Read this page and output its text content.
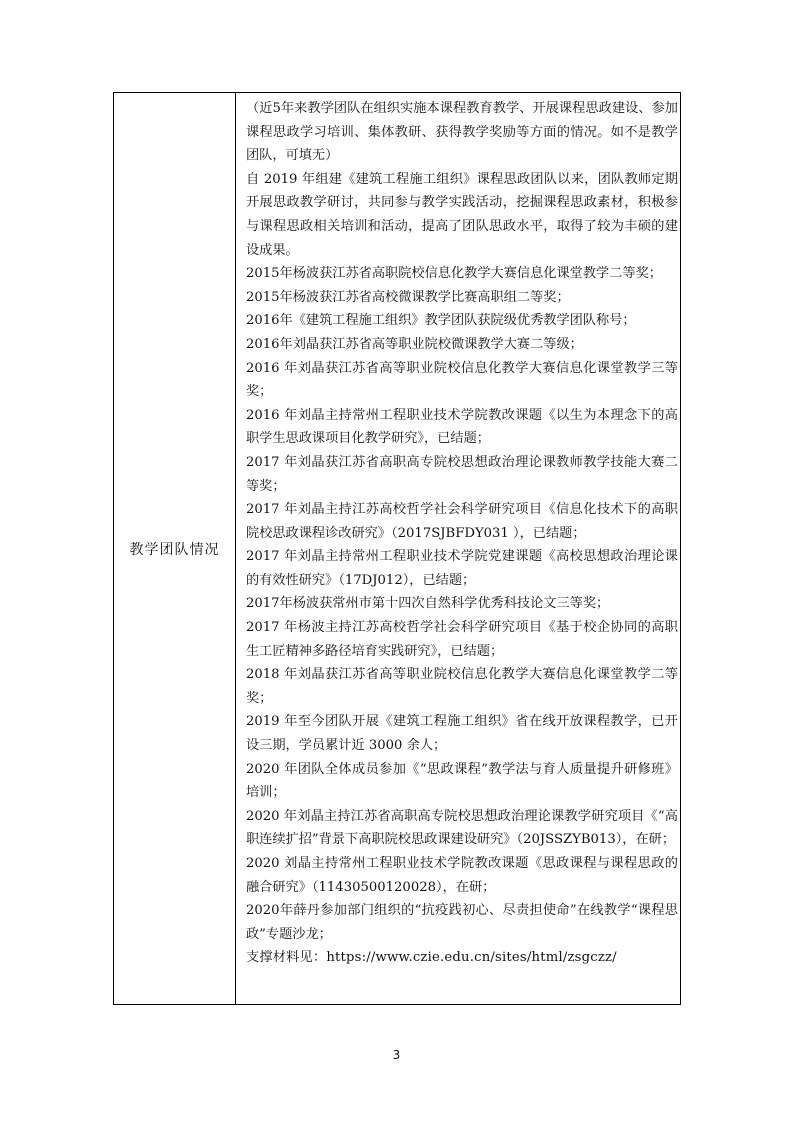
教学团队情况

（近5年来教学团队在组织实施本课程教育教学、开展课程思政建设、参加课程思政学习培训、集体教研、获得教学奖励等方面的情况。如不是教学团队，可填无）

自 2019 年组建《建筑工程施工组织》课程思政团队以来，团队教师定期开展思政教学研讨，共同参与教学实践活动，挖掘课程思政素材，积极参与课程思政相关培训和活动，提高了团队思政水平，取得了较为丰硕的建设成果。

2015年杨波获江苏省高职院校信息化教学大赛信息化课堂教学二等奖；

2015年杨波获江苏省高校微课教学比赛高职组二等奖；

2016年《建筑工程施工组织》教学团队获院级优秀教学团队称号；

2016年刘晶获江苏省高等职业院校微课教学大赛二等级；

2016 年刘晶获江苏省高等职业院校信息化教学大赛信息化课堂教学三等奖；

2016 年刘晶主持常州工程职业技术学院教改课题《以生为本理念下的高职学生思政课项目化教学研究》，已结题；

2017 年刘晶获江苏省高职高专院校思想政治理论课教师教学技能大赛二等奖；

2017 年刘晶主持江苏高校哲学社会科学研究项目《信息化技术下的高职院校思政课程诊改研究》（2017SJBFDY031 ），已结题；

2017 年刘晶主持常州工程职业技术学院党建课题《高校思想政治理论课的有效性研究》（17DJ012），已结题；

2017年杨波获常州市第十四次自然科学优秀科技论文三等奖；

2017 年杨波主持江苏高校哲学社会科学研究项目《基于校企协同的高职生工匠精神多路径培育实践研究》，已结题；

2018 年刘晶获江苏省高等职业院校信息化教学大赛信息化课堂教学二等奖；

2019 年至今团队开展《建筑工程施工组织》省在线开放课程教学，已开设三期，学员累计近 3000 余人；

2020 年团队全体成员参加《“思政课程”教学法与育人质量提升研修班》培训；

2020 年刘晶主持江苏省高职高专院校思想政治理论课教学研究项目《“高职连续扩招”背景下高职院校思政课建设研究》（20JSSZYB013），在研；

2020 刘晶主持常州工程职业技术学院教改课题《思政课程与课程思政的融合研究》（11430500120028），在研；

2020年薛丹参加部门组织的“抗疫践初心、尽责担使命”在线教学“课程思政”专题沙龙；

支撑材料见：https://www.czie.edu.cn/sites/html/zsgczz/

3
